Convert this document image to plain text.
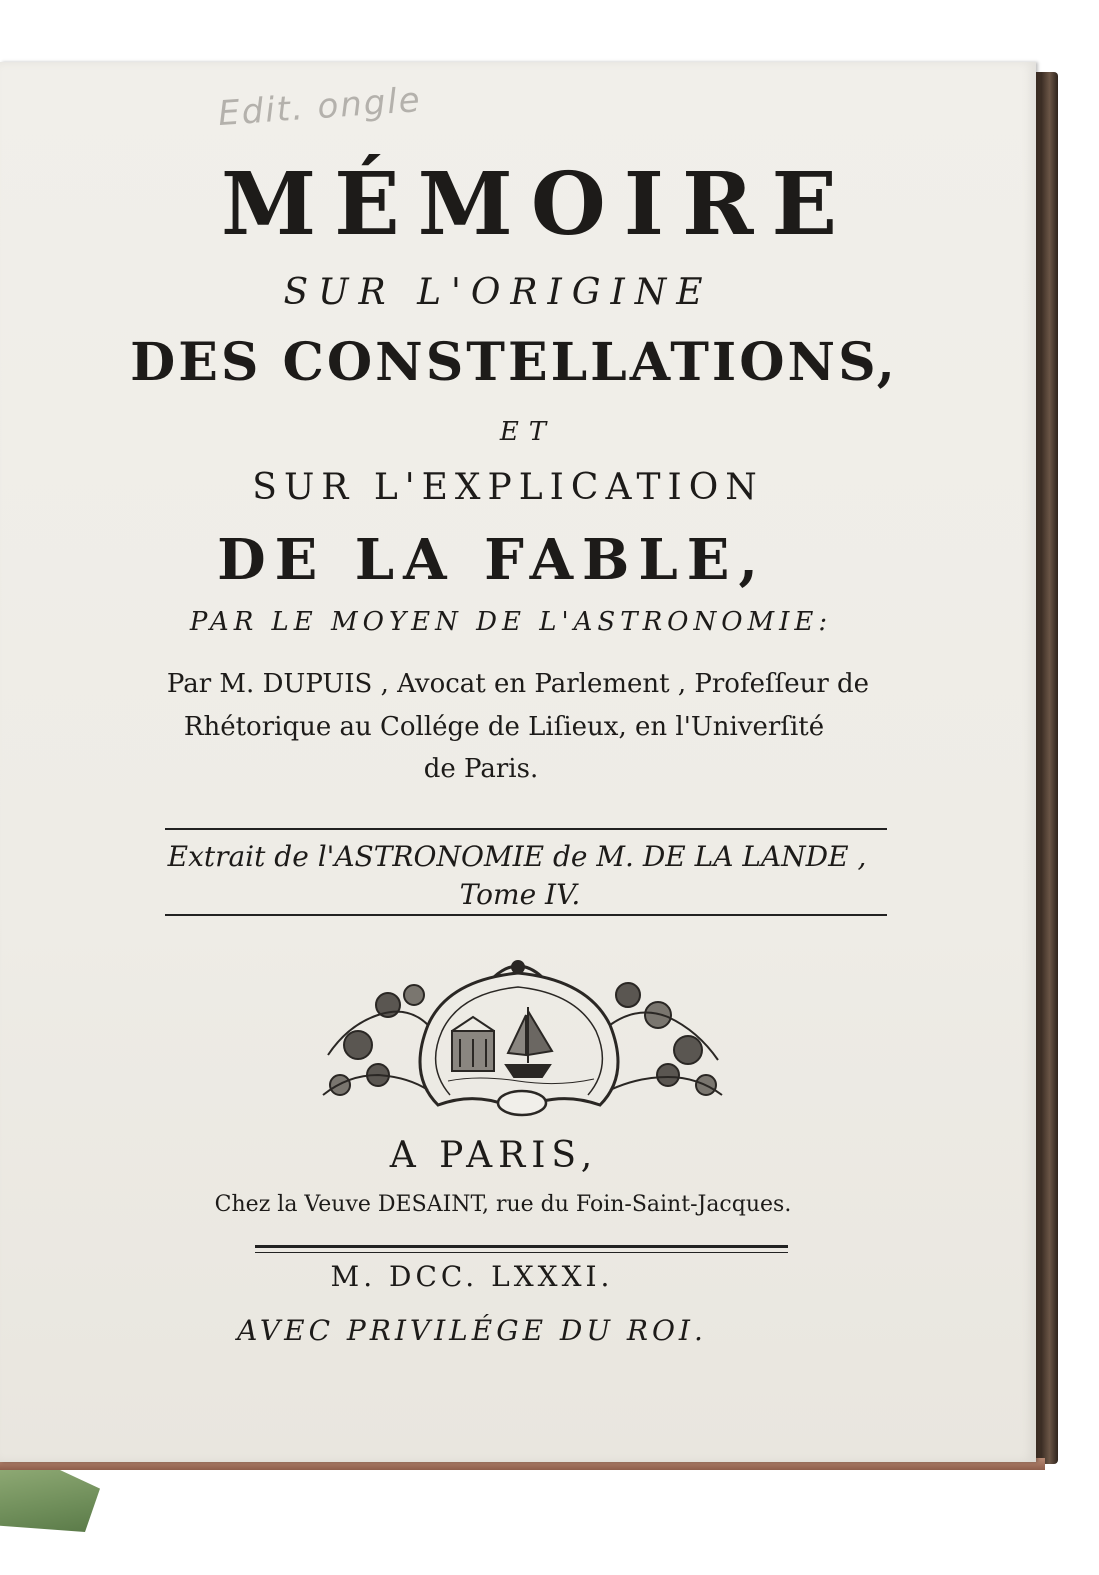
Edit. ongle
MÉMOIRE
SUR L'ORIGINE
DES CONSTELLATIONS,
ET
SUR L'EXPLICATION
DE LA FABLE,
PAR LE MOYEN DE L'ASTRONOMIE:
Par M. DUPUIS , Avocat en Parlement , Profeſſeur de
Rhétorique au Collége de Liſieux, en l'Univerſité
de Paris.
Extrait de l'ASTRONOMIE de M. DE LA LANDE ,
Tome IV.
A PARIS,
Chez la Veuve DESAINT, rue du Foin-Saint-Jacques.
M. DCC. LXXXI.
AVEC PRIVILÉGE DU ROI.
